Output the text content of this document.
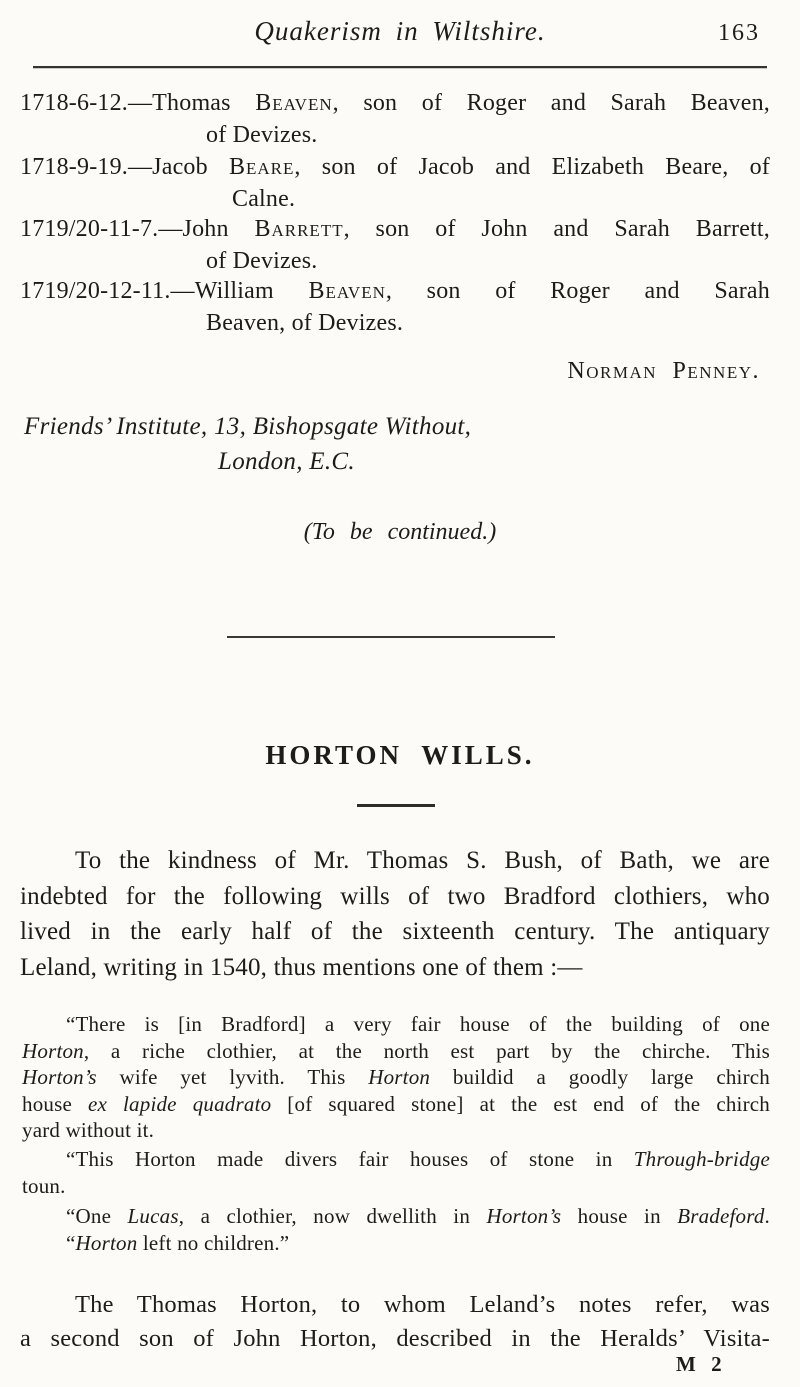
Quakerism in Wiltshire.	163
1718-6-12.—Thomas Beaven, son of Roger and Sarah Beaven,
of Devizes.
1718-9-19.—Jacob Beare, son of Jacob and Elizabeth Beare, of
Calne.
1719/20-11-7.—John Barrett, son of John and Sarah Barrett,
of Devizes.
1719/20-12-11.—William Beaven, son of Roger and Sarah
Beaven, of Devizes.
Norman Penney.
Friends’ Institute, 13, Bishopsgate Without,
London, E.C.
(To be continued.)
HORTON WILLS.
To the kindness of Mr. Thomas S. Bush, of Bath, we are
indebted for the following wills of two Bradford clothiers, who
lived in the early half of the sixteenth century. The antiquary
Leland, writing in 1540, thus mentions one of them :—
“There is [in Bradford] a very fair house of the building of one
Horton, a riche clothier, at the north est part by the chirche. This
Horton’s wife yet lyvith. This Horton buildid a goodly large chirch
house ex lapide quadrato [of squared stone] at the est end of the chirch
yard without it.
“This Horton made divers fair houses of stone in Through-bridge
toun.
“One Lucas, a clothier, now dwellith in Horton’s house in Bradeford.
“Horton left no children.”
The Thomas Horton, to whom Leland’s notes refer, was
a second son of John Horton, described in the Heralds’ Visita-
M 2
